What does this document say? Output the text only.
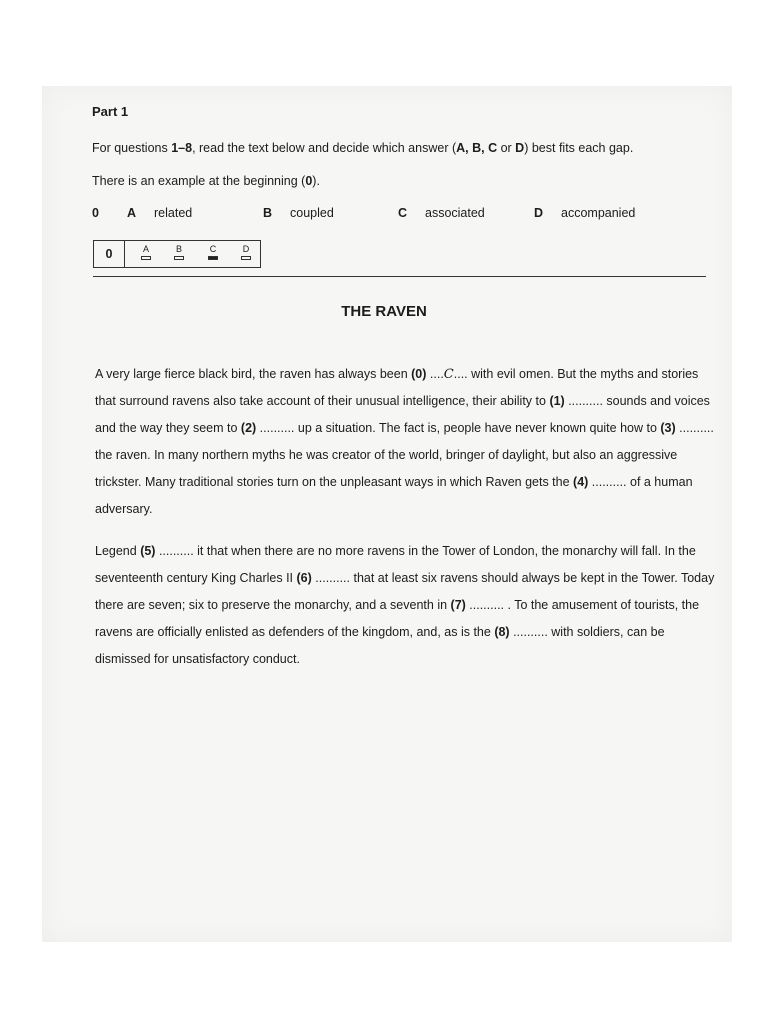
Part 1
For questions 1–8, read the text below and decide which answer (A, B, C or D) best fits each gap.
There is an example at the beginning (0).
0 A related	B coupled	C associated	D accompanied
0	A	B	C	D
THE RAVEN

A very large fierce black bird, the raven has always been (0) ....C.... with evil omen. But the myths and stories that surround ravens also take account of their unusual intelligence, their ability to (1) .......... sounds and voices and the way they seem to (2) .......... up a situation. The fact is, people have never known quite how to (3) .......... the raven. In many northern myths he was creator of the world, bringer of daylight, but also an aggressive trickster. Many traditional stories turn on the unpleasant ways in which Raven gets the (4) .......... of a human adversary.

Legend (5) .......... it that when there are no more ravens in the Tower of London, the monarchy will fall. In the seventeenth century King Charles II (6) .......... that at least six ravens should always be kept in the Tower. Today there are seven; six to preserve the monarchy, and a seventh in (7) .......... . To the amusement of tourists, the ravens are officially enlisted as defenders of the kingdom, and, as is the (8) .......... with soldiers, can be dismissed for unsatisfactory conduct.
